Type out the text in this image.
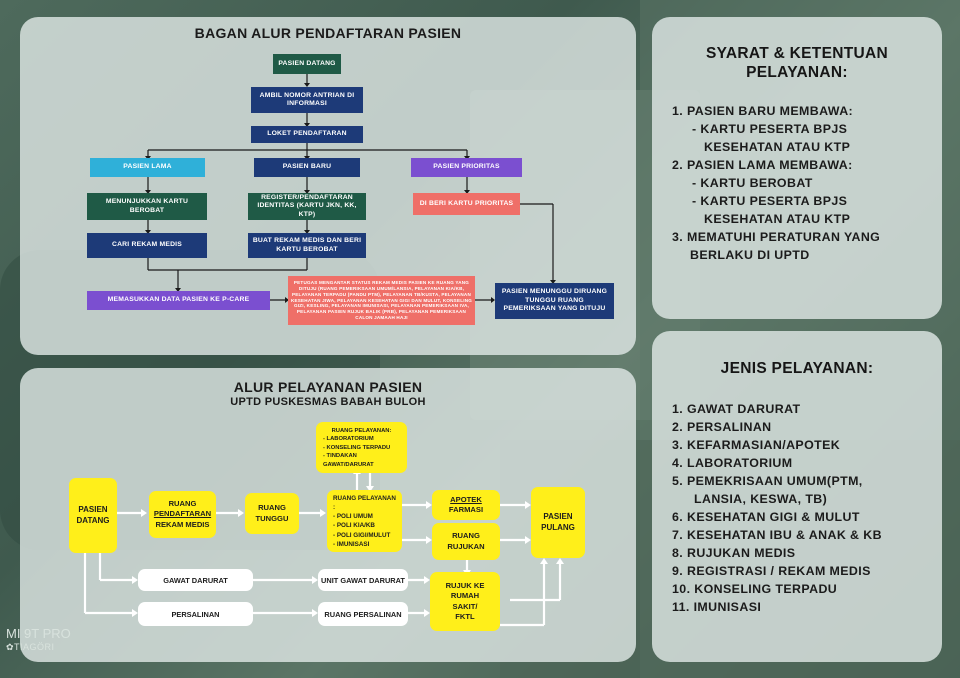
BAGAN ALUR PENDAFTARAN PASIEN
PASIEN DATANG
AMBIL NOMOR ANTRIAN DI INFORMASI
LOKET PENDAFTARAN
PASIEN LAMA	PASIEN BARU	PASIEN PRIORITAS
MENUNJUKKAN KARTU BEROBAT
REGISTER/PENDAFTARAN IDENTITAS (KARTU JKN, KK, KTP)
DI BERI KARTU PRIORITAS
CARI REKAM MEDIS
BUAT REKAM MEDIS DAN BERI KARTU BEROBAT
MEMASUKKAN DATA PASIEN KE P-CARE
PETUGAS MENGANTAR STATUS REKAM MEDIS PASIEN KE RUANG YANG DITUJU (RUANG PEMERIKSAAN UMUM/LANSIA, PELAYANAN KIA/KB, PELAYANAN TERPADU (PANDU PTM), PELAYANAN TB/KUSTA, PELAYANAN KESEHATAN JIWA, PELAYANAN KESEHATAN GIGI DAN MULUT, KONSELING GIZI, KESLING, PELAYANAN IMUNISASI, PELAYANAN PEMERIKSAAN IVA, PELAYANAN PASIEN RUJUK BALIK (PRB), PELAYANAN PEMERIKSAAN CALON JAMAAH HAJI
PASIEN MENUNGGU DIRUANG TUNGGU RUANG PEMERIKSAAN YANG DITUJU
ALUR PELAYANAN PASIEN
UPTD PUSKESMAS BABAH BULOH
PASIEN DATANG
RUANG
PENDAFTARAN
REKAM MEDIS
RUANG TUNGGU
RUANG PELAYANAN:
- LABORATORIUM
- KONSELING TERPADU
- TINDAKAN GAWAT/DARURAT
RUANG PELAYANAN :
- POLI UMUM
- POLI KIA/KB
- POLI GIGI/MULUT
- IMUNISASI
APOTEK
FARMASI
RUANG RUJUKAN
PASIEN PULANG
GAWAT DARURAT	UNIT GAWAT DARURAT
RUJUK KE RUMAH SAKIT/ FKTL
PERSALINAN	RUANG PERSALINAN
SYARAT & KETENTUAN PELAYANAN:
1. PASIEN BARU MEMBAWA:
- KARTU PESERTA BPJS
KESEHATAN ATAU KTP
2. PASIEN LAMA MEMBAWA:
- KARTU BEROBAT
- KARTU PESERTA BPJS
KESEHATAN ATAU KTP
3. MEMATUHI PERATURAN YANG
BERLAKU DI UPTD
JENIS PELAYANAN:
1. GAWAT DARURAT
2. PERSALINAN
3. KEFARMASIAN/APOTEK
4. LABORATORIUM
5. PEMEKRISAAN UMUM(PTM,
LANSIA, KESWA, TB)
6. KESEHATAN GIGI & MULUT
7. KESEHATAN IBU & ANAK & KB
8. RUJUKAN MEDIS
9. REGISTRASI / REKAM MEDIS
10. KONSELING TERPADU
11. IMUNISASI
MI 9T PRO
✿TIAGÖRI
